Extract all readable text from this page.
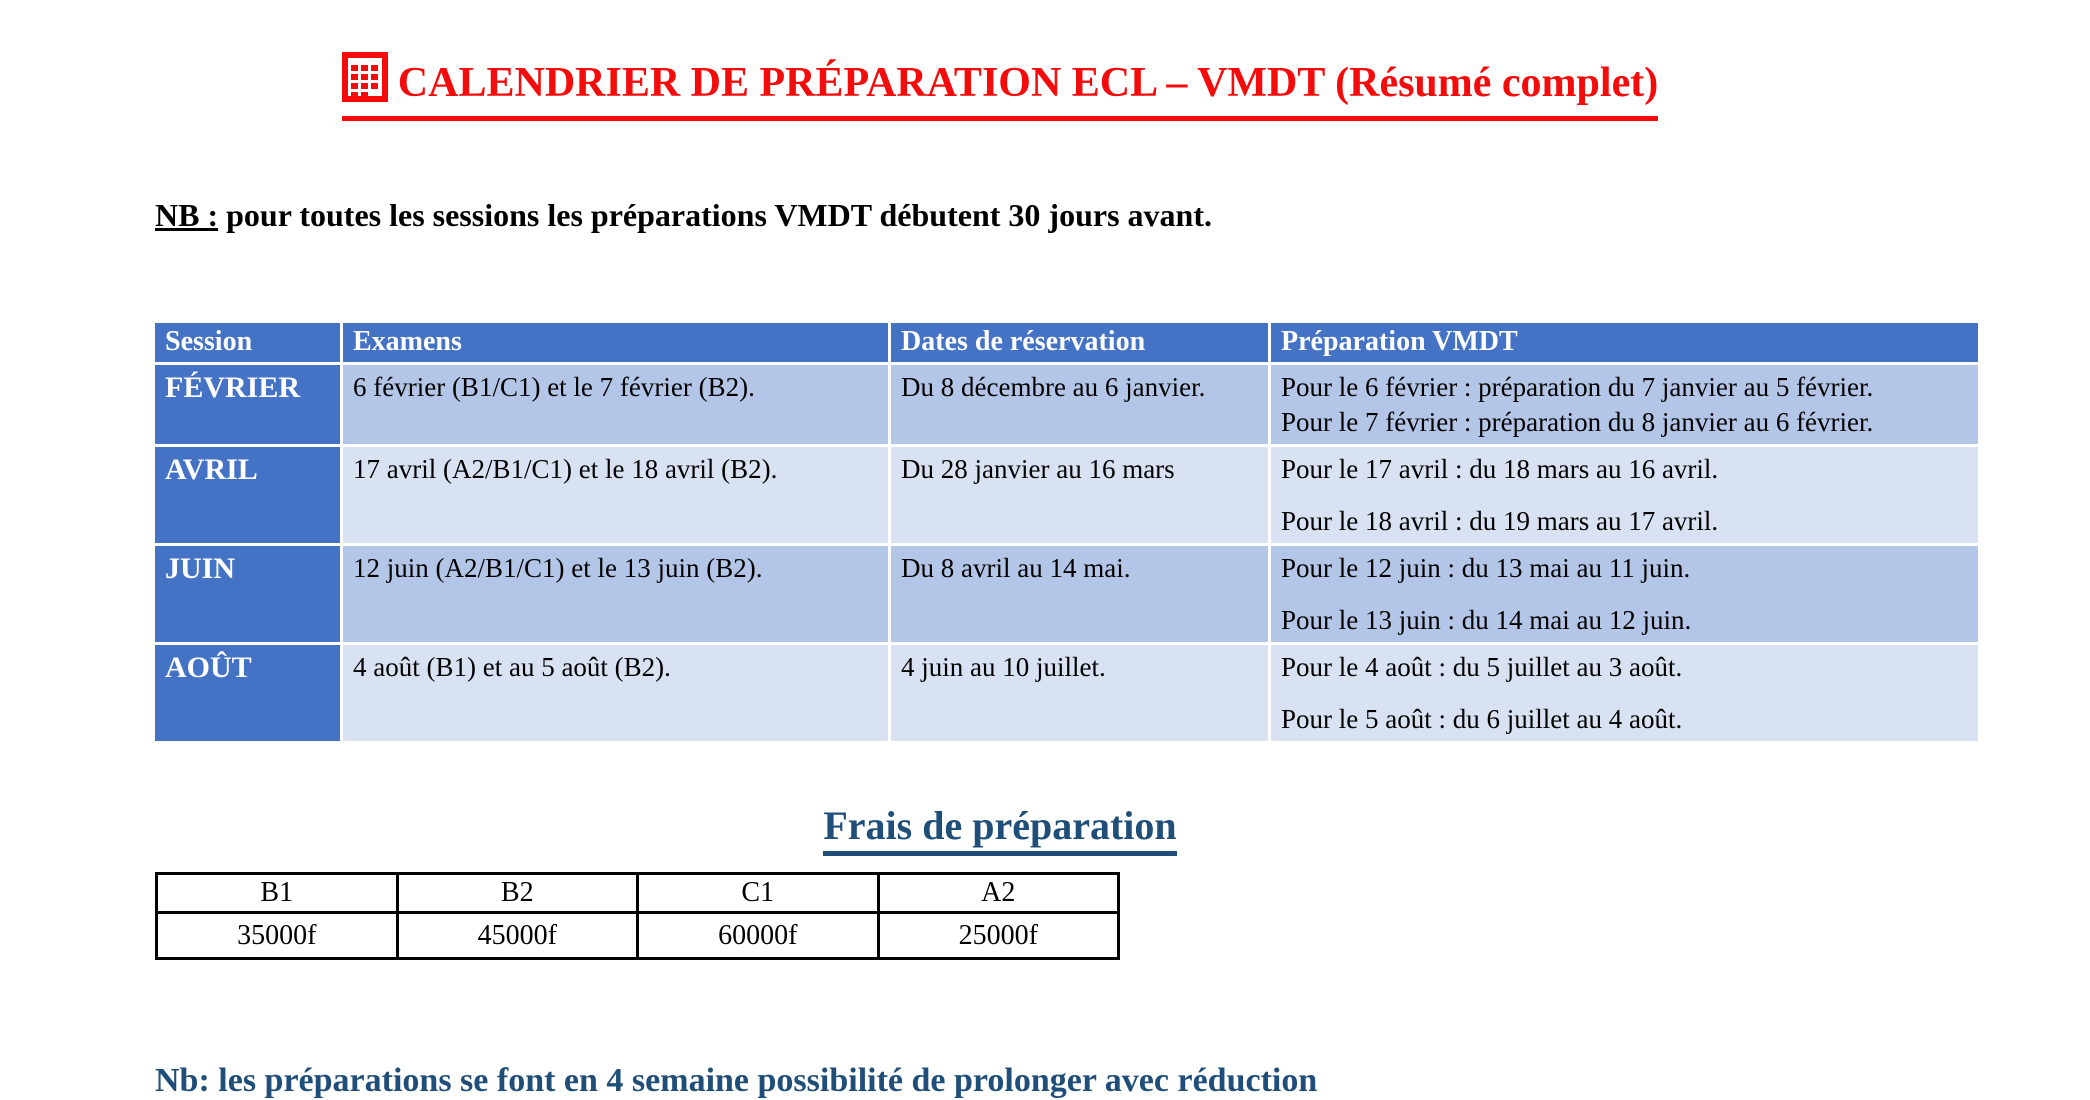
CALENDRIER DE PRÉPARATION ECL – VMDT (Résumé complet)

NB : pour toutes les sessions les préparations VMDT débutent 30 jours avant.

Session	Examens	Dates de réservation	Préparation VMDT
FÉVRIER	6 février (B1/C1) et le 7 février (B2).	Du 8 décembre au 6 janvier.	Pour le 6 février : préparation du 7 janvier au 5 février.
Pour le 7 février : préparation du 8 janvier au 6 février.

AVRIL	17 avril (A2/B1/C1) et le 18 avril (B2).	Du 28 janvier au 16 mars	Pour le 17 avril : du 18 mars au 16 avril.
Pour le 18 avril : du 19 mars au 17 avril.

JUIN	12 juin (A2/B1/C1) et le 13 juin (B2).	Du 8 avril au 14 mai.	Pour le 12 juin : du 13 mai au 11 juin.
Pour le 13 juin : du 14 mai au 12 juin.

AOÛT	4 août (B1) et au 5 août (B2).	4 juin au 10 juillet.	Pour le 4 août : du 5 juillet au 3 août.
Pour le 5 août : du 6 juillet au 4 août.
Frais de préparation
B1	B2	C1	A2
35000f	45000f	60000f	25000f

Nb: les préparations se font en 4 semaine possibilité de prolonger avec réduction
